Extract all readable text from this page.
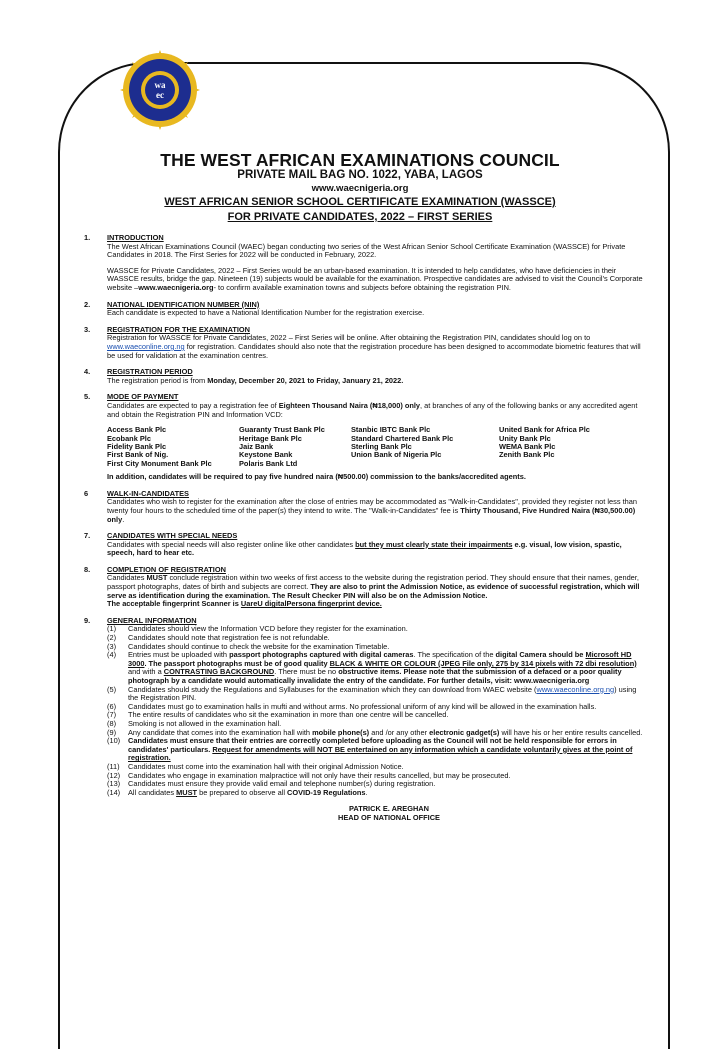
wa
ec
THE WEST AFRICAN EXAMINATIONS COUNCIL
PRIVATE MAIL BAG NO. 1022, YABA, LAGOS
www.waecnigeria.org
WEST AFRICAN SENIOR SCHOOL CERTIFICATE EXAMINATION (WASSCE)
FOR PRIVATE CANDIDATES, 2022 – FIRST SERIES
1. INTRODUCTION

The West African Examinations Council (WAEC) began conducting two series of the West African Senior School Certificate Examination (WASSCE) for Private Candidates in 2018. The First Series for 2022 will be conducted in February, 2022.

WASSCE for Private Candidates, 2022 – First Series would be an urban-based examination. It is intended to help candidates, who have deficiencies in their WASSCE results, bridge the gap. Nineteen (19) subjects would be available for the examination. Prospective candidates are advised to visit the Council's Corporate website –www.waecnigeria.org- to confirm available examination towns and subjects before obtaining the registration PIN.

2. NATIONAL IDENTIFICATION NUMBER (NIN)

Each candidate is expected to have a National Identification Number for the registration exercise.

3. REGISTRATION FOR THE EXAMINATION

Registration for WASSCE for Private Candidates, 2022 – First Series will be online. After obtaining the Registration PIN, candidates should log on to www.waeconline.org.ng for registration. Candidates should also note that the registration procedure has been designed to accommodate biometric features that will be used for validation at the examination centres.

4. REGISTRATION PERIOD

The registration period is from Monday, December 20, 2021 to Friday, January 21, 2022.

5. MODE OF PAYMENT

Candidates are expected to pay a registration fee of Eighteen Thousand Naira (₦18,000) only, at branches of any of the following banks or any accredited agent and obtain the Registration PIN and Information VCD:

Access Bank Plc	Guaranty Trust Bank Plc	Stanbic IBTC Bank Plc	United Bank for Africa Plc
Ecobank Plc	Heritage Bank Plc	Standard Chartered Bank Plc	Unity Bank Plc
Fidelity Bank Plc	Jaiz Bank	Sterling Bank Plc	WEMA Bank Plc
First Bank of Nig.	Keystone Bank	Union Bank of Nigeria Plc	Zenith Bank Plc
First City Monument Bank Plc	Polaris Bank Ltd

In addition, candidates will be required to pay five hundred naira (₦500.00) commission to the banks/accredited agents.

6	WALK-IN-CANDIDATES

Candidates who wish to register for the examination after the close of entries may be accommodated as "Walk-in-Candidates", provided they register not less than twenty four hours to the scheduled time of the paper(s) they intend to write. The "Walk-in-Candidates" fee is Thirty Thousand, Five Hundred Naira (₦30,500.00) only.

7. CANDIDATES WITH SPECIAL NEEDS

Candidates with special needs will also register online like other candidates but they must clearly state their impairments e.g. visual, low vision, spastic, speech, hard to hear etc.

8. COMPLETION OF REGISTRATION

Candidates MUST conclude registration within two weeks of first access to the website during the registration period. They should ensure that their names, gender, passport photographs, dates of birth and subjects are correct. They are also to print the Admission Notice, as evidence of successful registration, which will serve as identification during the examination. The Result Checker PIN will also be on the Admission Notice.
The acceptable fingerprint Scanner is UareU digitalPersona fingerprint device.

9. GENERAL INFORMATION
(1) Candidates should view the Information VCD before they register for the examination.
(2) Candidates should note that registration fee is not refundable.
(3) Candidates should continue to check the website for the examination Timetable.
(4) Entries must be uploaded with passport photographs captured with digital cameras. The specification of the digital Camera should be Microsoft HD 3000. The passport photographs must be of good quality BLACK & WHITE OR COLOUR (JPEG File only, 275 by 314 pixels with 72 dbi resolution) and with a CONTRASTING BACKGROUND. There must be no obstructive items. Please note that the submission of a defaced or a poor quality photograph by a candidate would automatically invalidate the entry of the candidate. For further details, visit: www.waecnigeria.org
(5) Candidates should study the Regulations and Syllabuses for the examination which they can download from WAEC website (www.waeconline.org.ng) using the Registration PIN.
(6) Candidates must go to examination halls in mufti and without arms. No professional uniform of any kind will be allowed in the examination halls.
(7) The entire results of candidates who sit the examination in more than one centre will be cancelled.
(8) Smoking is not allowed in the examination hall.
(9) Any candidate that comes into the examination hall with mobile phone(s) and /or any other electronic gadget(s) will have his or her entire results cancelled.
(10) Candidates must ensure that their entries are correctly completed before uploading as the Council will not be held responsible for errors in candidates' particulars. Request for amendments will NOT BE entertained on any information which a candidate voluntarily gives at the point of registration.
(11) Candidates must come into the examination hall with their original Admission Notice.
(12) Candidates who engage in examination malpractice will not only have their results cancelled, but may be prosecuted.
(13) Candidates must ensure they provide valid email and telephone number(s) during registration.
(14) All candidates MUST be prepared to observe all COVID-19 Regulations.
PATRICK E. AREGHAN
HEAD OF NATIONAL OFFICE
